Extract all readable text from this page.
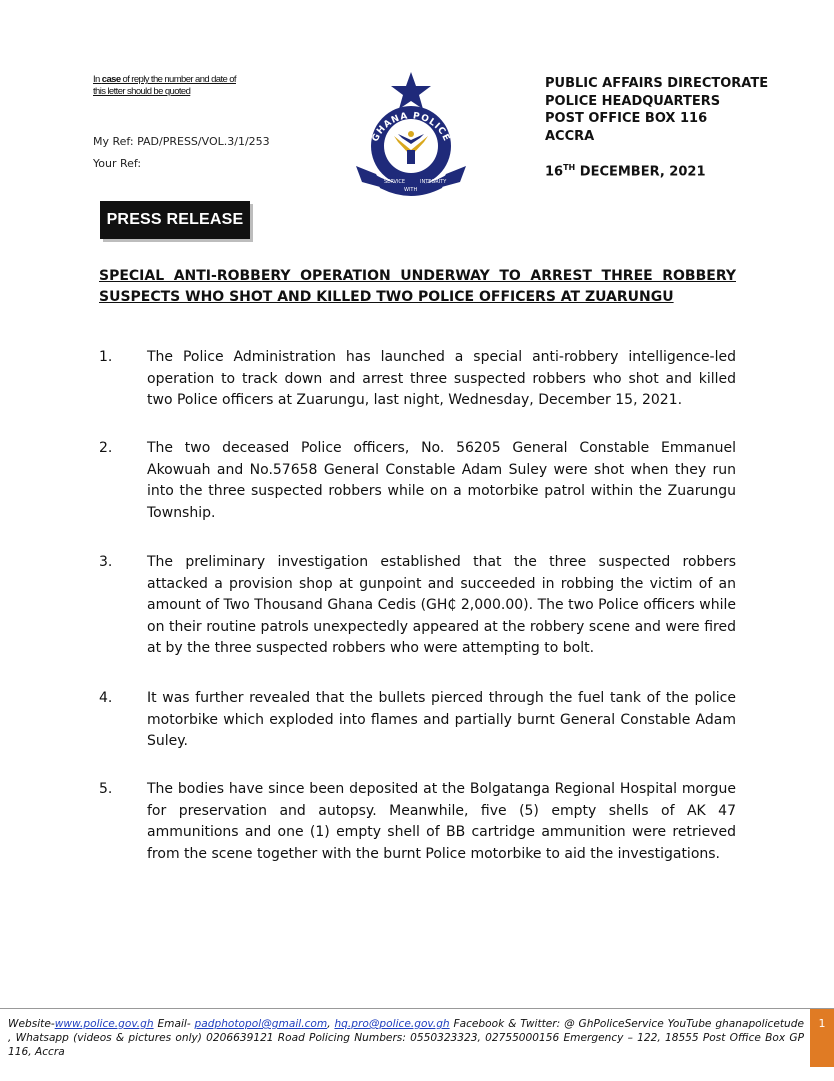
In case of reply the number and date of this letter should be quoted
My Ref: PAD/PRESS/VOL.3/1/253
Your Ref:
GHANA POLICE
SERVICE
WITH
INTEGRITY
PUBLIC AFFAIRS DIRECTORATE
POLICE HEADQUARTERS
POST OFFICE BOX 116
ACCRA
16TH DECEMBER, 2021
PRESS RELEASE

SPECIAL ANTI-ROBBERY OPERATION UNDERWAY TO ARREST THREE ROBBERY SUSPECTS WHO SHOT AND KILLED TWO POLICE OFFICERS AT ZUARUNGU

1. The Police Administration has launched a special anti-robbery intelligence-led operation to track down and arrest three suspected robbers who shot and killed two Police officers at Zuarungu, last night, Wednesday, December 15, 2021.
2. The two deceased Police officers, No. 56205 General Constable Emmanuel Akowuah and No.57658 General Constable Adam Suley were shot when they run into the three suspected robbers while on a motorbike patrol within the Zuarungu Township.
3. The preliminary investigation established that the three suspected robbers attacked a provision shop at gunpoint and succeeded in robbing the victim of an amount of Two Thousand Ghana Cedis (GH₵ 2,000.00). The two Police officers while on their routine patrols unexpectedly appeared at the robbery scene and were fired at by the three suspected robbers who were attempting to bolt.
4. It was further revealed that the bullets pierced through the fuel tank of the police motorbike which exploded into flames and partially burnt General Constable Adam Suley.
5. The bodies have since been deposited at the Bolgatanga Regional Hospital morgue for preservation and autopsy. Meanwhile, five (5) empty shells of AK 47 ammunitions and one (1) empty shell of BB cartridge ammunition were retrieved from the scene together with the burnt Police motorbike to aid the investigations.
Website-www.police.gov.gh Email- padphotopol@gmail.com, hq.pro@police.gov.gh Facebook & Twitter: @ GhPoliceService YouTube ghanapolicetude , Whatsapp (videos & pictures only) 0206639121 Road Policing Numbers: 0550323323, 02755000156 Emergency – 122, 18555 Post Office Box GP 116, Accra
1
